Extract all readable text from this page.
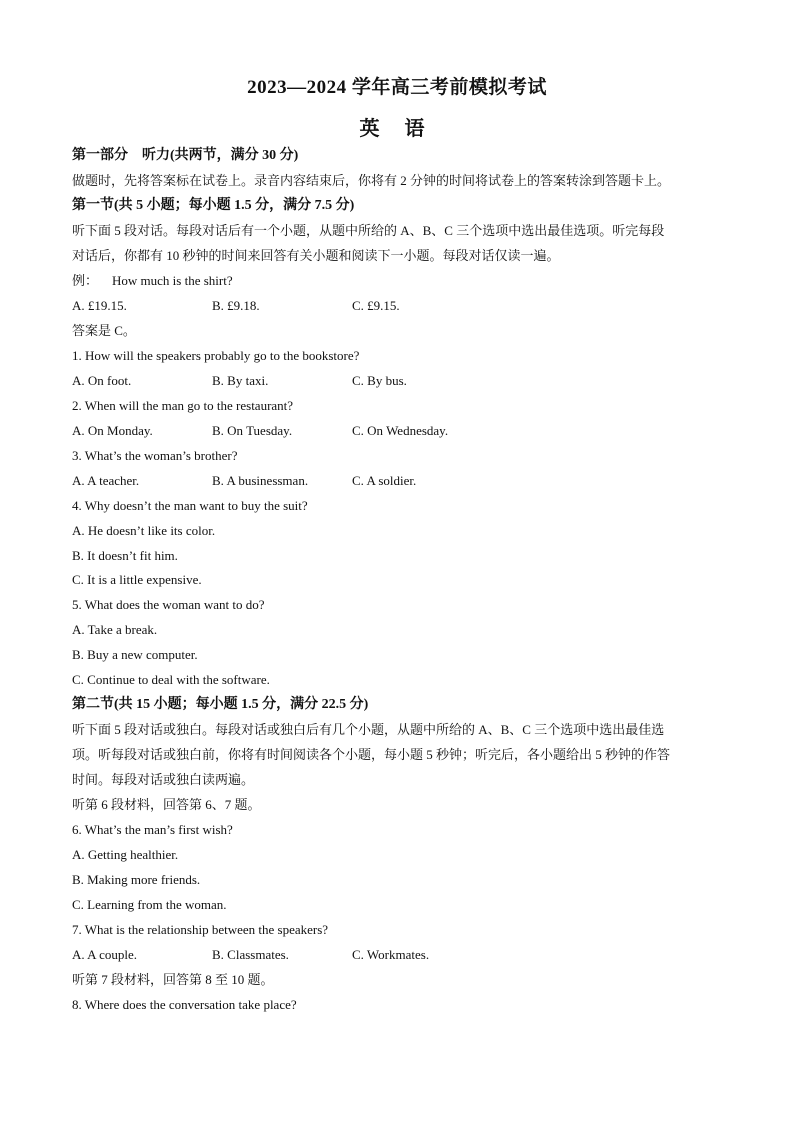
2023—2024 学年高三考前模拟考试
英 语
第一部分 听力(共两节，满分 30 分)
做题时，先将答案标在试卷上。录音内容结束后，你将有 2 分钟的时间将试卷上的答案转涂到答题卡上。
第一节(共 5 小题；每小题 1.5 分，满分 7.5 分)
听下面 5 段对话。每段对话后有一个小题，从题中所给的 A、B、C 三个选项中选出最佳选项。听完每段
对话后，你都有 10 秒钟的时间来回答有关小题和阅读下一小题。每段对话仅读一遍。
例： How much is the shirt?
A. £19.15.	B. £9.18.	C. £9.15.
答案是 C。
1. How will the speakers probably go to the bookstore?
A. On foot.	B. By taxi.	C. By bus.
2. When will the man go to the restaurant?
A. On Monday.	B. On Tuesday.	C. On Wednesday.
3. What’s the woman’s brother?
A. A teacher.	B. A businessman.	C. A soldier.
4. Why doesn’t the man want to buy the suit?
A. He doesn’t like its color.
B. It doesn’t fit him.
C. It is a little expensive.
5. What does the woman want to do?
A. Take a break.
B. Buy a new computer.
C. Continue to deal with the software.
第二节(共 15 小题；每小题 1.5 分，满分 22.5 分)
听下面 5 段对话或独白。每段对话或独白后有几个小题，从题中所给的 A、B、C 三个选项中选出最佳选
项。听每段对话或独白前，你将有时间阅读各个小题，每小题 5 秒钟；听完后，各小题给出 5 秒钟的作答
时间。每段对话或独白读两遍。
听第 6 段材料，回答第 6、7 题。
6. What’s the man’s first wish?
A. Getting healthier.
B. Making more friends.
C. Learning from the woman.
7. What is the relationship between the speakers?
A. A couple.	B. Classmates.	C. Workmates.
听第 7 段材料，回答第 8 至 10 题。
8. Where does the conversation take place?
